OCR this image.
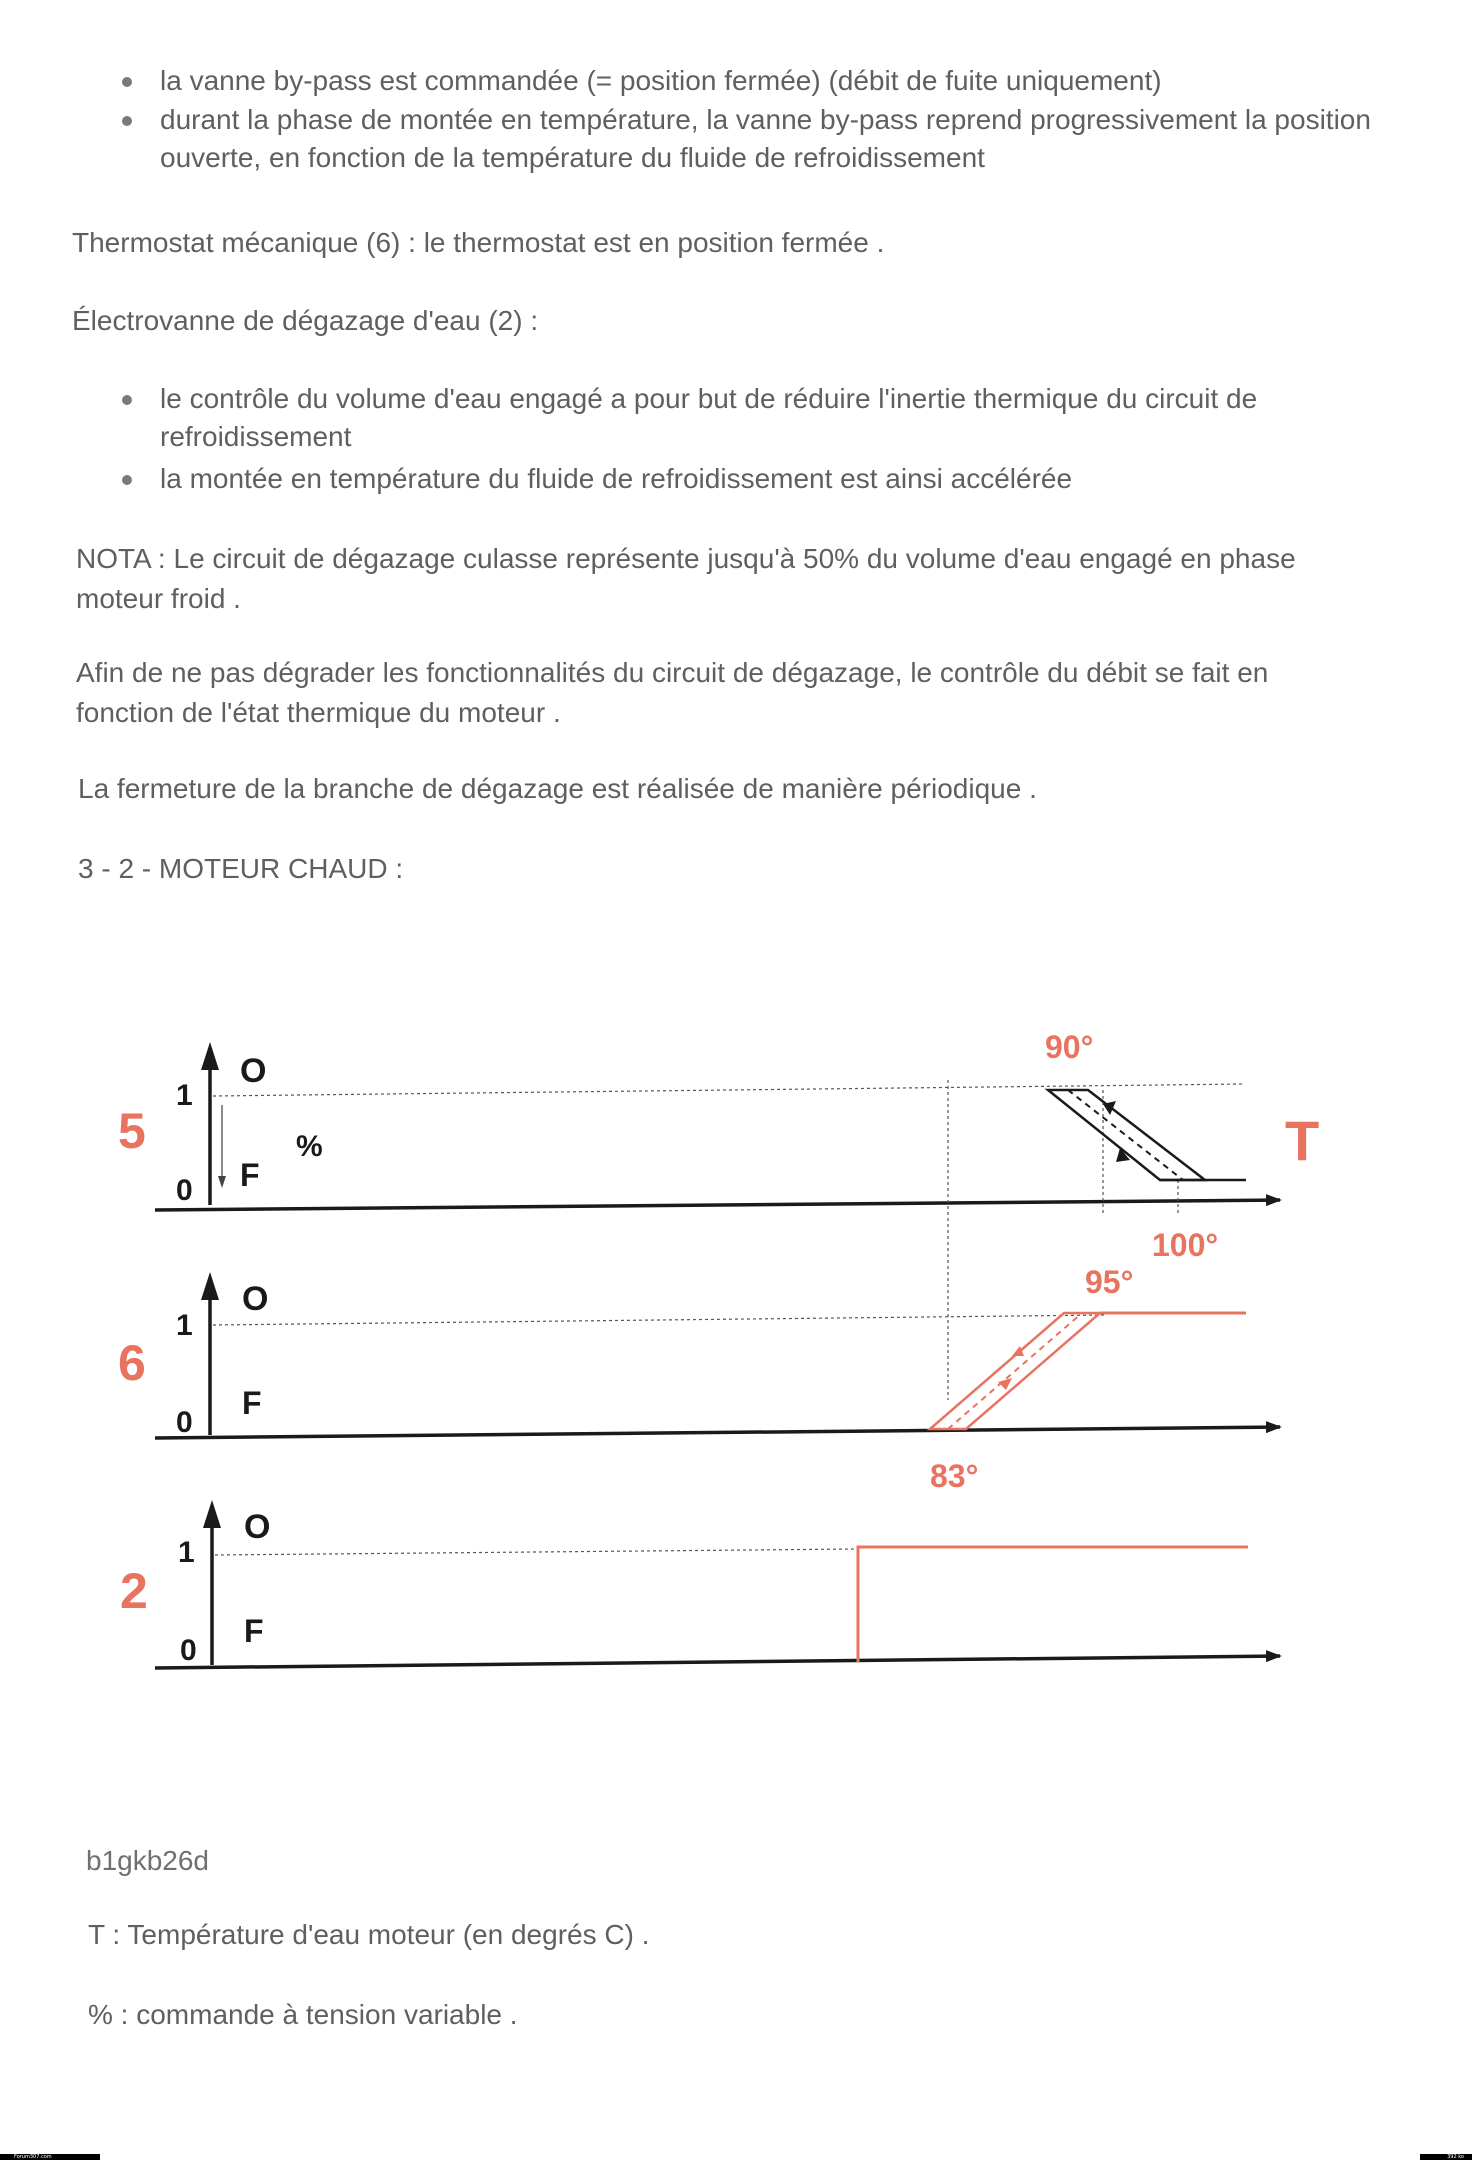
la vanne by-pass est commandée (= position fermée) (débit de fuite uniquement)
durant la phase de montée en température, la vanne by-pass reprend progressivement la position
ouverte, en fonction de la température du fluide de refroidissement

Thermostat mécanique (6) : le thermostat est en position fermée .

Électrovanne de dégazage d'eau (2) :

le contrôle du volume d'eau engagé a pour but de réduire l'inertie thermique du circuit de
refroidissement
la montée en température du fluide de refroidissement est ainsi accélérée

NOTA : Le circuit de dégazage culasse représente jusqu'à 50% du volume d'eau engagé en phase

moteur froid .

Afin de ne pas dégrader les fonctionnalités du circuit de dégazage, le contrôle du débit se fait en

fonction de l'état thermique du moteur .

La fermeture de la branche de dégazage est réalisée de manière périodique .

3 - 2 - MOTEUR CHAUD :

5
1
0
O
F
%
90°
100°
T
6
1
0
O
F
95°
83°
2
1
0
O
F

b1gkb26d

T : Température d'eau moteur (en degrés C) .

% : commande à tension variable .

Forum307.com	392 ko
